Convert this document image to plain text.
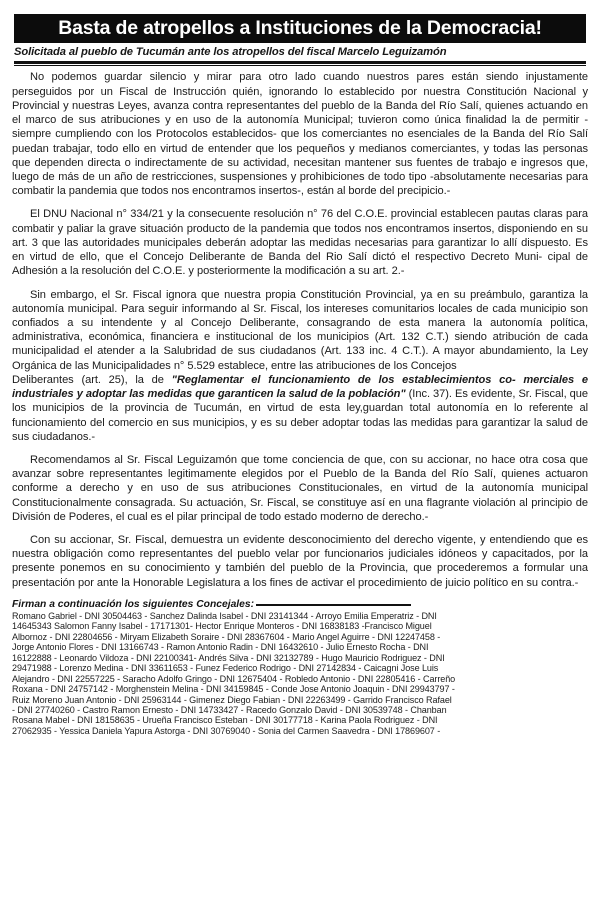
Basta de atropellos a Instituciones de la Democracia!
Solicitada al pueblo de Tucumán ante los atropellos del fiscal Marcelo Leguizamón

No podemos guardar silencio y mirar para otro lado cuando nuestros pares están siendo injustamente perseguidos por un Fiscal de Instrucción quién, ignorando lo establecido por nuestra Constitución Nacional y Provincial y nuestras Leyes, avanza contra representantes del pueblo de la Banda del Río Salí, quienes actuando en el marco de sus atribuciones y en uso de la autonomía Municipal; tuvieron como única finalidad la de permitir -siempre cumpliendo con los Protocolos establecidos- que los comerciantes no esenciales de la Banda del Río Salí puedan trabajar, todo ello en virtud de entender que los pequeños y medianos comerciantes, y todas las personas que dependen directa o indirectamente de su actividad, necesitan mantener sus fuentes de trabajo e ingresos que, luego de más de un año de restricciones, suspensiones y prohibiciones de todo tipo -absolutamente necesarias para combatir la pandemia que todos nos encontramos insertos-, están al borde del precipicio.-

El DNU Nacional n° 334/21 y la consecuente resolución n° 76 del C.O.E. provincial establecen pautas claras para combatir y paliar la grave situación producto de la pandemia que todos nos encontramos insertos, disponiendo en su art. 3 que las autoridades municipales deberán adoptar las medidas necesarias para garantizar lo allí dispuesto. Es en virtud de ello, que el Concejo Deliberante de Banda del Rio Salí dictó el respectivo Decreto Muni- cipal de Adhesión a la resolución del C.O.E. y posteriormente la modificación a su art. 2.-

Sin embargo, el Sr. Fiscal ignora que nuestra propia Constitución Provincial, ya en su preámbulo, garantiza la autonomía municipal. Para seguir informando al Sr. Fiscal, los intereses comunitarios locales de cada municipio son confiados a su intendente y al Concejo Deliberante, consagrando de esta manera la autonomía política, administrativa, económica, financiera e institucional de los municipios (Art. 132 C.T.) siendo atribución de cada municipalidad el atender a la Salubridad de sus ciudadanos (Art. 133 inc. 4 C.T.). A mayor abundamiento, la Ley Orgánica de las Municipalidades n° 5.529 establece, entre las atribuciones de los Concejos

Deliberantes (art. 25), la de "Reglamentar el funcionamiento de los establecimientos co- merciales e industriales y adoptar las medidas que garanticen la salud de la población" (Inc. 37). Es evidente, Sr. Fiscal, que los municipios de la provincia de Tucumán, en virtud de esta ley,guardan total autonomía en lo referente al funcionamiento del comercio en sus municipios, y es su deber adoptar todas las medidas para garantizar la salud de sus ciudadanos.-

Recomendamos al Sr. Fiscal Leguizamón que tome conciencia de que, con su accionar, no hace otra cosa que avanzar sobre representantes legitimamente elegidos por el Pueblo de la Banda del Río Salí, quienes actuaron conforme a derecho y en uso de sus atribuciones Constitucionales, en virtud de la autonomía municipal Constitucionalmente consagrada. Su actuación, Sr. Fiscal, se constituye así en una flagrante violación al principio de División de Poderes, el cual es el pilar principal de todo estado moderno de derecho.-

Con su accionar, Sr. Fiscal, demuestra un evidente desconocimiento del derecho vigente, y entendiendo que es nuestra obligación como representantes del pueblo velar por funcionarios judiciales idóneos y capacitados, por la presente ponemos en su conocimiento y también del pueblo de la Provincia, que procederemos a formular una presentación por ante la Honorable Legislatura a los fines de activar el procedimiento de juicio político en su contra.-

Firman a continuación los siguientes Concejales:
Romano Gabriel - DNI 30504463 - Sanchez Dalinda Isabel - DNI 23141344 - Arroyo Emilia Emperatriz - DNI
14645343 Salomon Fanny Isabel - 17171301- Hector Enrique Monteros - DNI 16838183 -Francisco Miguel
Albornoz - DNI 22804656 - Miryam Elizabeth Soraire - DNI 28367604 - Mario Angel Aguirre - DNI 12247458 -
Jorge Antonio Flores - DNI 13166743 - Ramon Antonio Radin - DNI 16432610 - Julio Ernesto Rocha - DNI
16122888 - Leonardo Vildoza - DNI 22100341- Andrés Silva - DNI 32132789 - Hugo Mauricio Rodriguez - DNI
29471988 - Lorenzo Medina - DNI 33611653 - Funez Federico Rodrigo - DNI 27142834 - Caicagni Jose Luis
Alejandro - DNI 22557225 - Saracho Adolfo Gringo - DNI 12675404 - Robledo Antonio - DNI 22805416 - Carreño
Roxana - DNI 24757142 - Morghenstein Melina - DNI 34159845 - Conde Jose Antonio Joaquin - DNI 29943797 -
Ruiz Moreno Juan Antonio - DNI 25963144 - Gimenez Diego Fabian - DNI 22263499 - Garrido Francisco Rafael
- DNI 27740260 - Castro Ramon Ernesto - DNI 14733427 - Racedo Gonzalo David - DNI 30539748 - Chanban
Rosana Mabel - DNI 18158635 - Urueña Francisco Esteban - DNI 30177718 - Karina Paola Rodriguez - DNI
27062935 - Yessica Daniela Yapura Astorga - DNI 30769040 - Sonia del Carmen Saavedra - DNI 17869607 -
